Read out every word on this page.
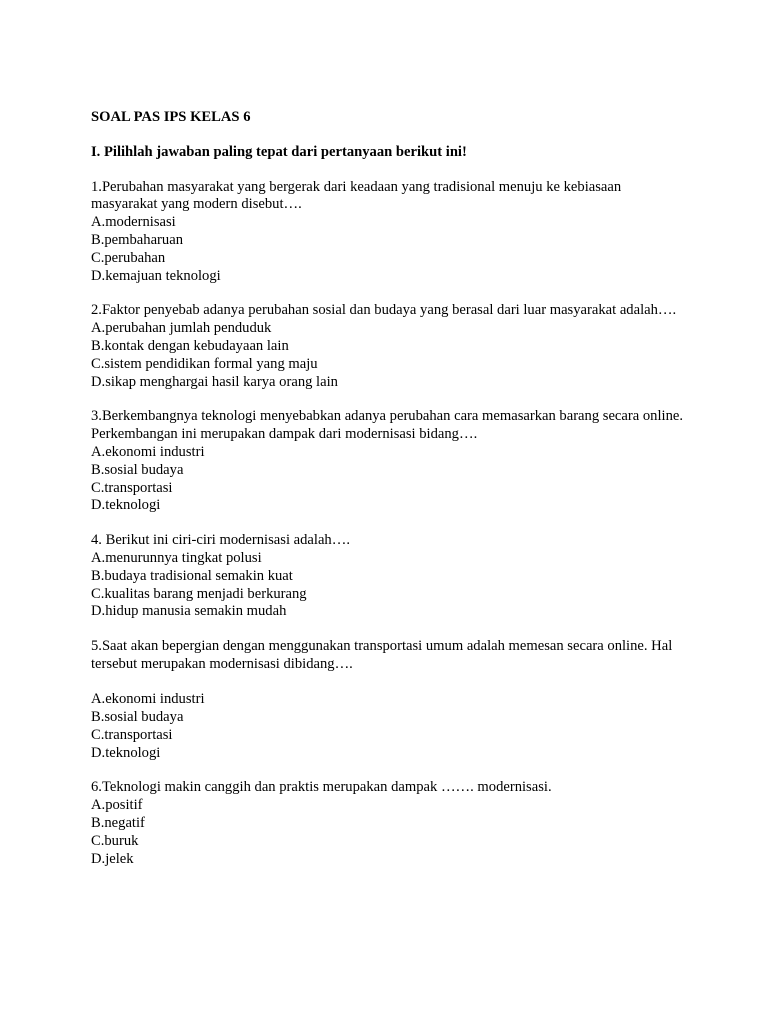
SOAL PAS IPS KELAS 6
I. Pilihlah jawaban paling tepat dari pertanyaan berikut ini!
1.Perubahan masyarakat yang bergerak dari keadaan yang tradisional menuju ke kebiasaan masyarakat yang modern disebut….
A.modernisasi
B.pembaharuan
C.perubahan
D.kemajuan teknologi
2.Faktor penyebab adanya perubahan sosial dan budaya yang berasal dari luar masyarakat adalah….
A.perubahan jumlah penduduk
B.kontak dengan kebudayaan lain
C.sistem pendidikan formal yang maju
D.sikap menghargai hasil karya orang lain
3.Berkembangnya teknologi menyebabkan adanya perubahan cara memasarkan barang secara online. Perkembangan ini merupakan dampak dari modernisasi bidang….
A.ekonomi industri
B.sosial budaya
C.transportasi
D.teknologi
4. Berikut ini ciri-ciri modernisasi adalah….
A.menurunnya tingkat polusi
B.budaya tradisional semakin kuat
C.kualitas barang menjadi berkurang
D.hidup manusia semakin mudah
5.Saat akan bepergian dengan menggunakan transportasi umum adalah memesan secara online. Hal tersebut merupakan modernisasi dibidang….
A.ekonomi industri
B.sosial budaya
C.transportasi
D.teknologi
6.Teknologi makin canggih dan praktis merupakan dampak ……. modernisasi.
A.positif
B.negatif
C.buruk
D.jelek
